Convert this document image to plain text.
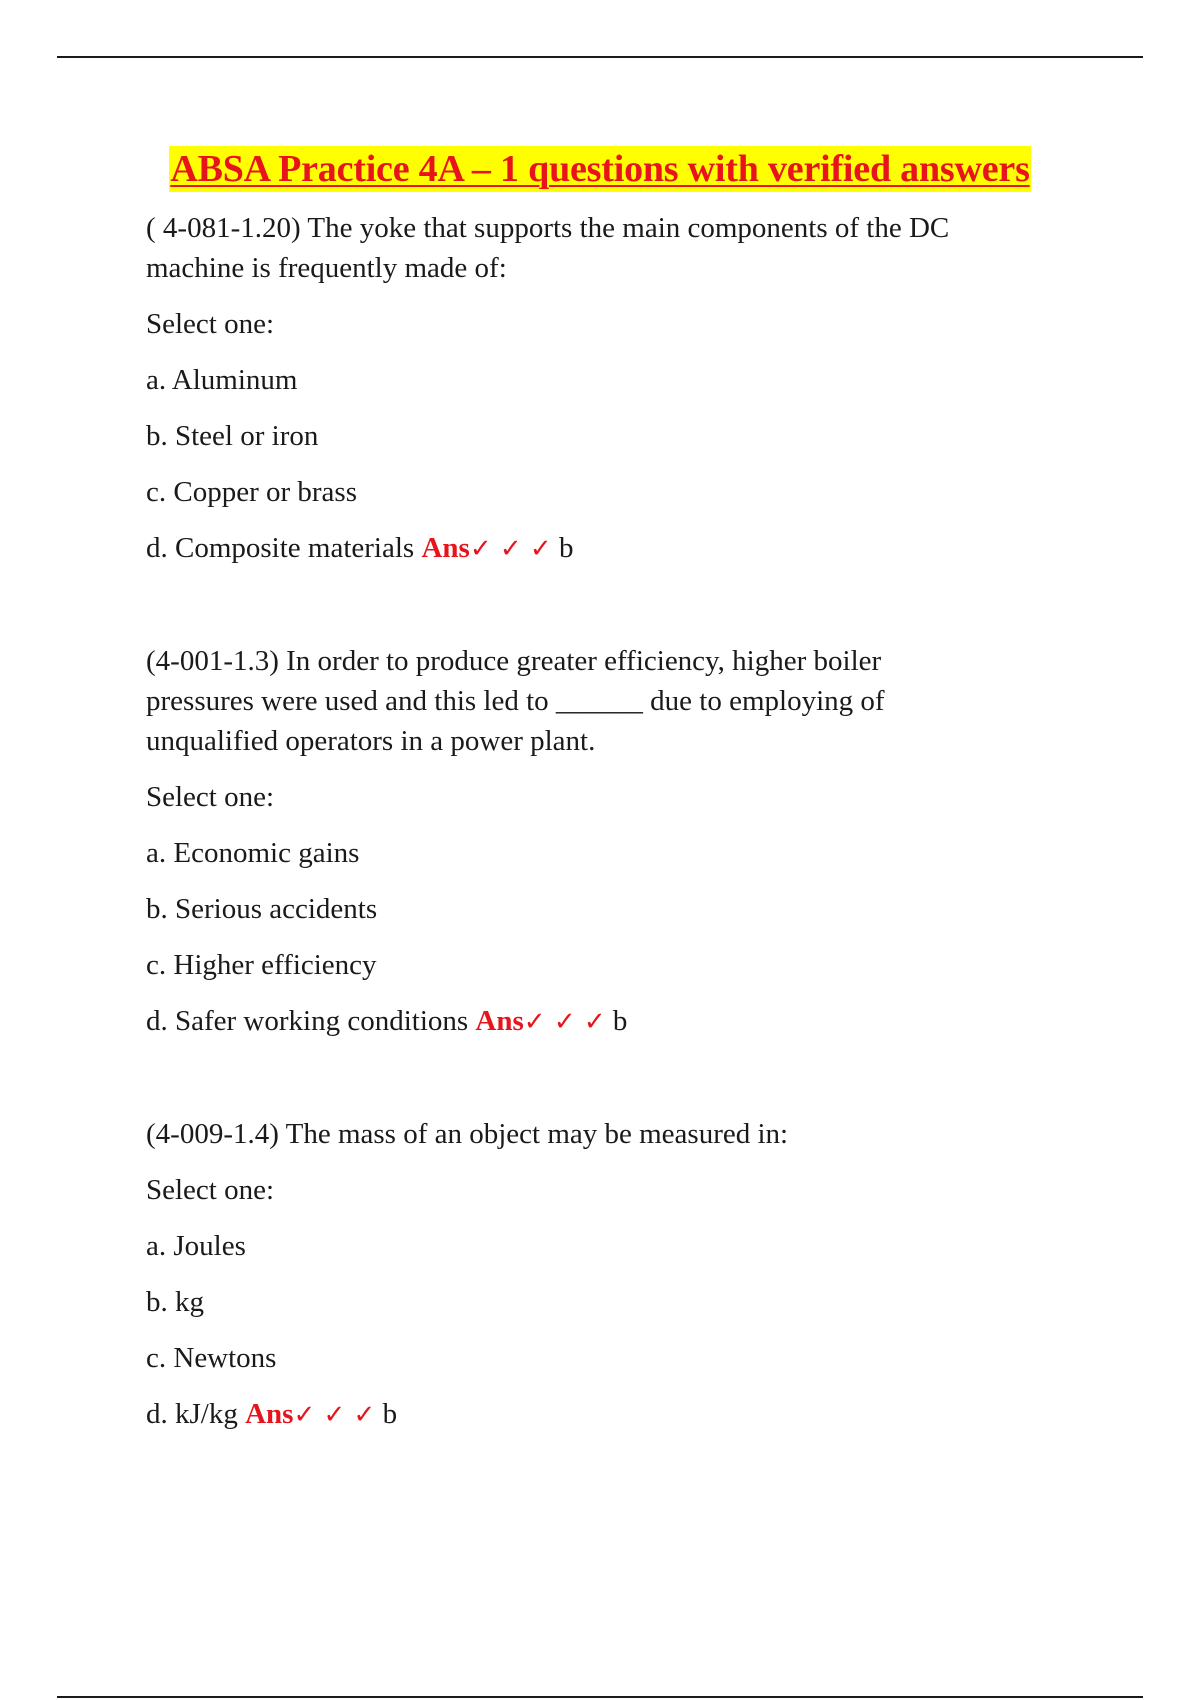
ABSA Practice 4A – 1 questions with verified answers

( 4-081-1.20) The yoke that supports the main components of the DC

machine is frequently made of:

Select one:

a. Aluminum

b. Steel or iron

c. Copper or brass

d. Composite materials Ans✓ ✓ ✓ b

(4-001-1.3) In order to produce greater efficiency, higher boiler

pressures were used and this led to ______ due to employing of

unqualified operators in a power plant.

Select one:

a. Economic gains

b. Serious accidents

c. Higher efficiency

d. Safer working conditions Ans✓ ✓ ✓ b

(4-009-1.4) The mass of an object may be measured in:

Select one:

a. Joules

b. kg

c. Newtons

d. kJ/kg Ans✓ ✓ ✓ b
